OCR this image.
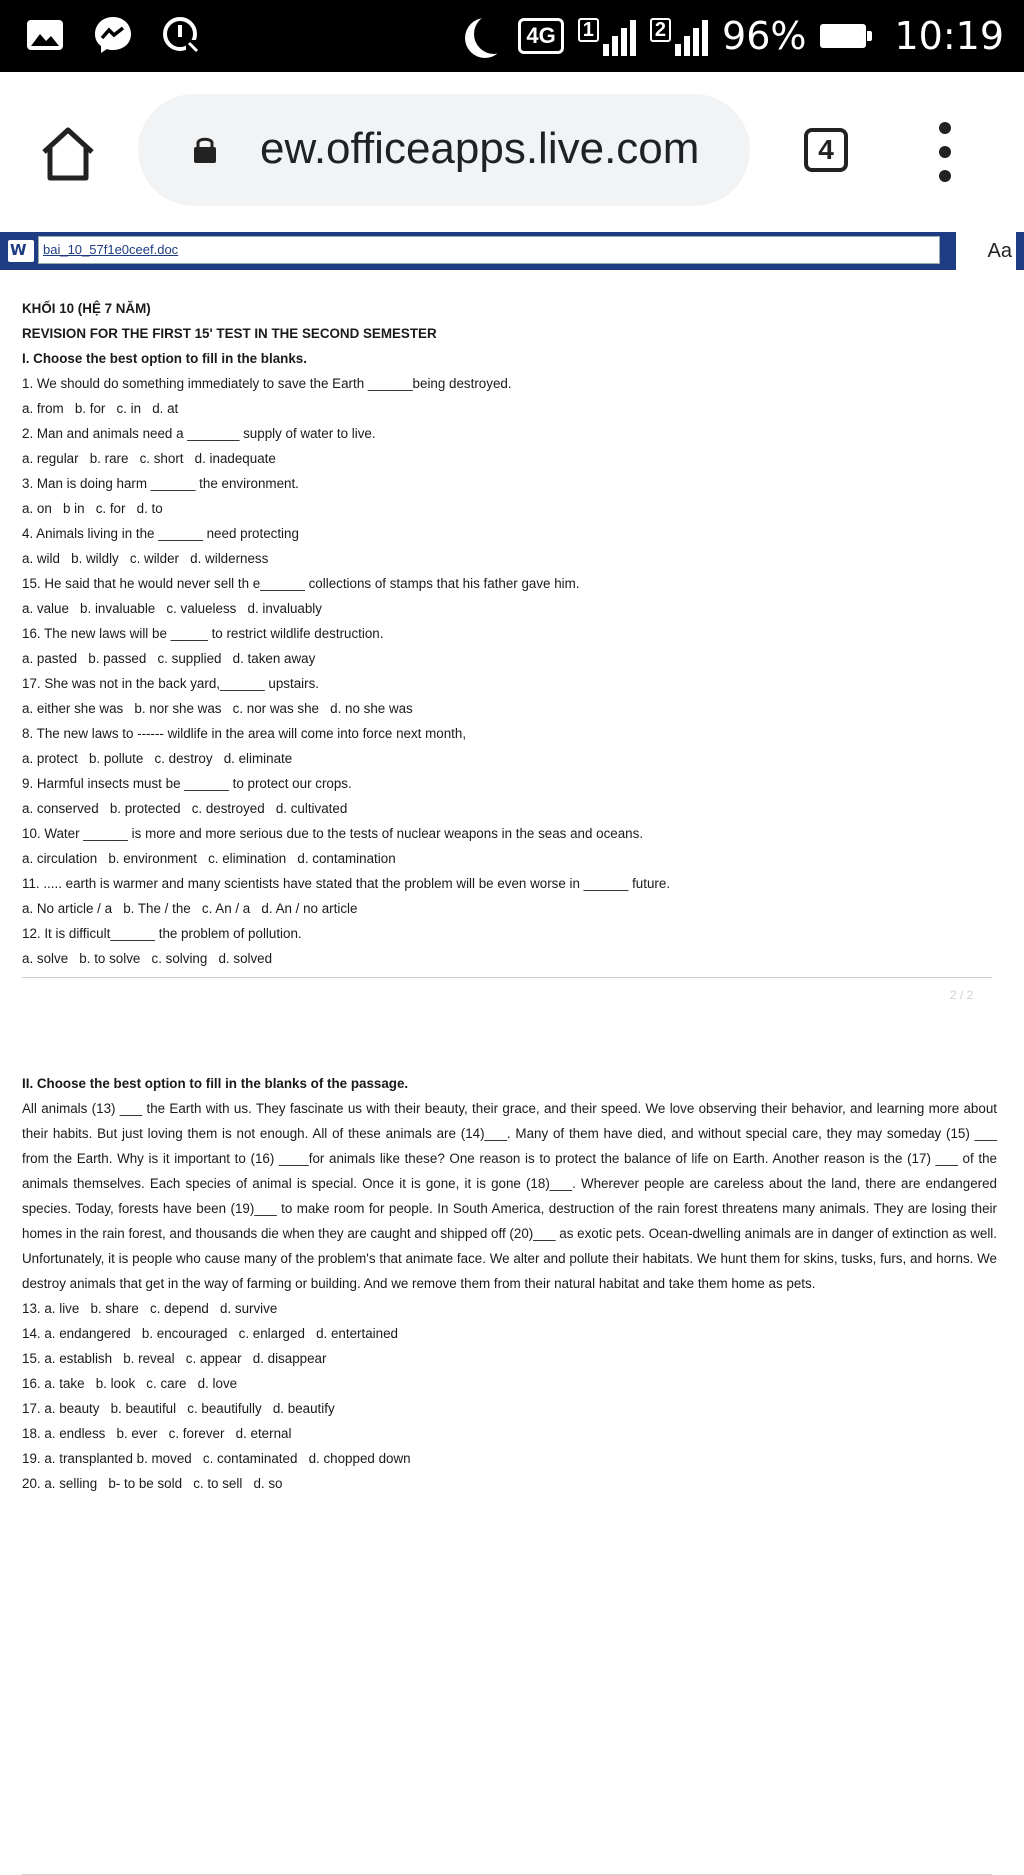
4G	1	2 96% 10:19
ew.officeapps.live.com	4
W
bai_10_57f1e0ceef.doc	Aa

KHỐI 10 (HỆ 7 NĂM)

REVISION FOR THE FIRST 15' TEST IN THE SECOND SEMESTER

I. Choose the best option to fill in the blanks.

1. We should do something immediately to save the Earth ______being destroyed.

a. from   b. for   c. in   d. at

2. Man and animals need a _______ supply of water to live.

a. regular   b. rare   c. short   d. inadequate

3. Man is doing harm ______ the environment.

a. on   b in   c. for   d. to

4. Animals living in the ______ need protecting

a. wild   b. wildly   c. wilder   d. wilderness

15. He said that he would never sell th e______ collections of stamps that his father gave him.

a. value   b. invaluable   c. valueless   d. invaluably

16. The new laws will be _____ to restrict wildlife destruction.

a. pasted   b. passed   c. supplied   d. taken away

17. She was not in the back yard,______ upstairs.

a. either she was   b. nor she was   c. nor was she   d. no she was

8. The new laws to ------ wildlife in the area will come into force next month,

a. protect   b. pollute   c. destroy   d. eliminate

9. Harmful insects must be ______ to protect our crops.

a. conserved   b. protected   c. destroyed   d. cultivated

10. Water ______ is more and more serious due to the tests of nuclear weapons in the seas and oceans.

a. circulation   b. environment   c. elimination   d. contamination

11. ..... earth is warmer and many scientists have stated that the problem will be even worse in ______ future.

a. No article / a   b. The / the   c. An / a   d. An / no article

12. It is difficult______ the problem of pollution.

a. solve   b. to solve   c. solving   d. solved

2 / 2

II. Choose the best option to fill in the blanks of the passage.

All animals (13) ___ the Earth with us. They fascinate us with their beauty, their grace, and their speed. We love observing their behavior, and learning more about their habits. But just loving them is not enough. All of these animals are (14)___. Many of them have died, and without special care, they may someday (15) ___ from the Earth. Why is it important to (16) ____for animals like these? One reason is to protect the balance of life on Earth. Another reason is the (17) ___ of the animals themselves. Each species of animal is special. Once it is gone, it is gone (18)___. Wherever people are careless about the land, there are endangered species. Today, forests have been (19)___ to make room for people. In South America, destruction of the rain forest threatens many animals. They are losing their homes in the rain forest, and thousands die when they are caught and shipped off (20)___ as exotic pets. Ocean-dwelling animals are in danger of extinction as well. Unfortunately, it is people who cause many of the problem's that animate face. We alter and pollute their habitats. We hunt them for skins, tusks, furs, and horns. We destroy animals that get in the way of farming or building. And we remove them from their natural habitat and take them home as pets.

13. a. live   b. share   c. depend   d. survive

14. a. endangered   b. encouraged   c. enlarged   d. entertained

15. a. establish   b. reveal   c. appear   d. disappear

16. a. take   b. look   c. care   d. love

17. a. beauty   b. beautiful   c. beautifully   d. beautify

18. a. endless   b. ever   c. forever   d. eternal

19. a. transplanted b. moved   c. contaminated   d. chopped down

20. a. selling   b- to be sold   c. to sell   d. so
